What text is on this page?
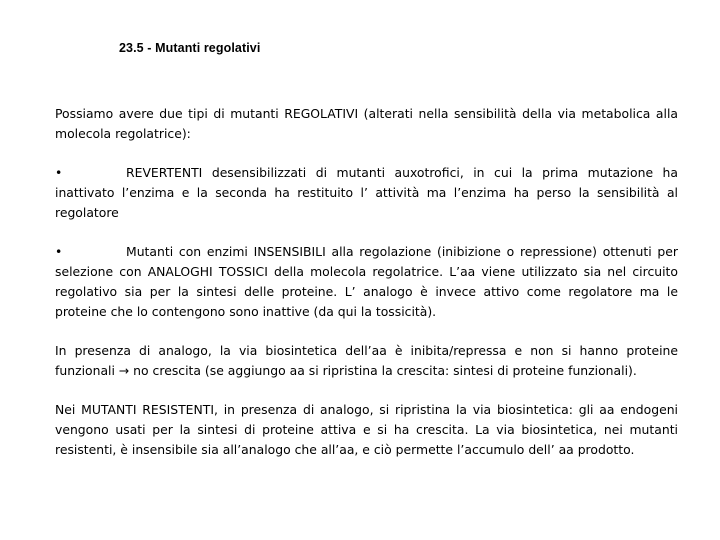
23.5 - Mutanti regolativi

Possiamo avere due tipi di mutanti REGOLATIVI (alterati nella sensibilità della via metabolica alla molecola regolatrice):

•	REVERTENTI desensibilizzati di mutanti auxotrofici, in cui la prima mutazione ha inattivato l’enzima e la seconda ha restituito l’ attività ma l’enzima ha perso la sensibilità al regolatore

•	Mutanti con enzimi INSENSIBILI alla regolazione (inibizione o repressione) ottenuti per selezione con ANALOGHI TOSSICI della molecola regolatrice. L’aa viene utilizzato sia nel circuito regolativo sia per la sintesi delle proteine. L’ analogo è invece attivo come regolatore ma le proteine che lo contengono sono inattive (da qui la tossicità).

In presenza di analogo, la via biosintetica dell’aa è inibita/repressa e non si hanno proteine funzionali → no crescita (se aggiungo aa si ripristina la crescita: sintesi di proteine funzionali).

Nei MUTANTI RESISTENTI, in presenza di analogo, si ripristina la via biosintetica: gli aa endogeni vengono usati per la sintesi di proteine attiva e si ha crescita. La via biosintetica, nei mutanti resistenti, è insensibile sia all’analogo che all’aa, e ciò permette l’accumulo dell’ aa prodotto.
